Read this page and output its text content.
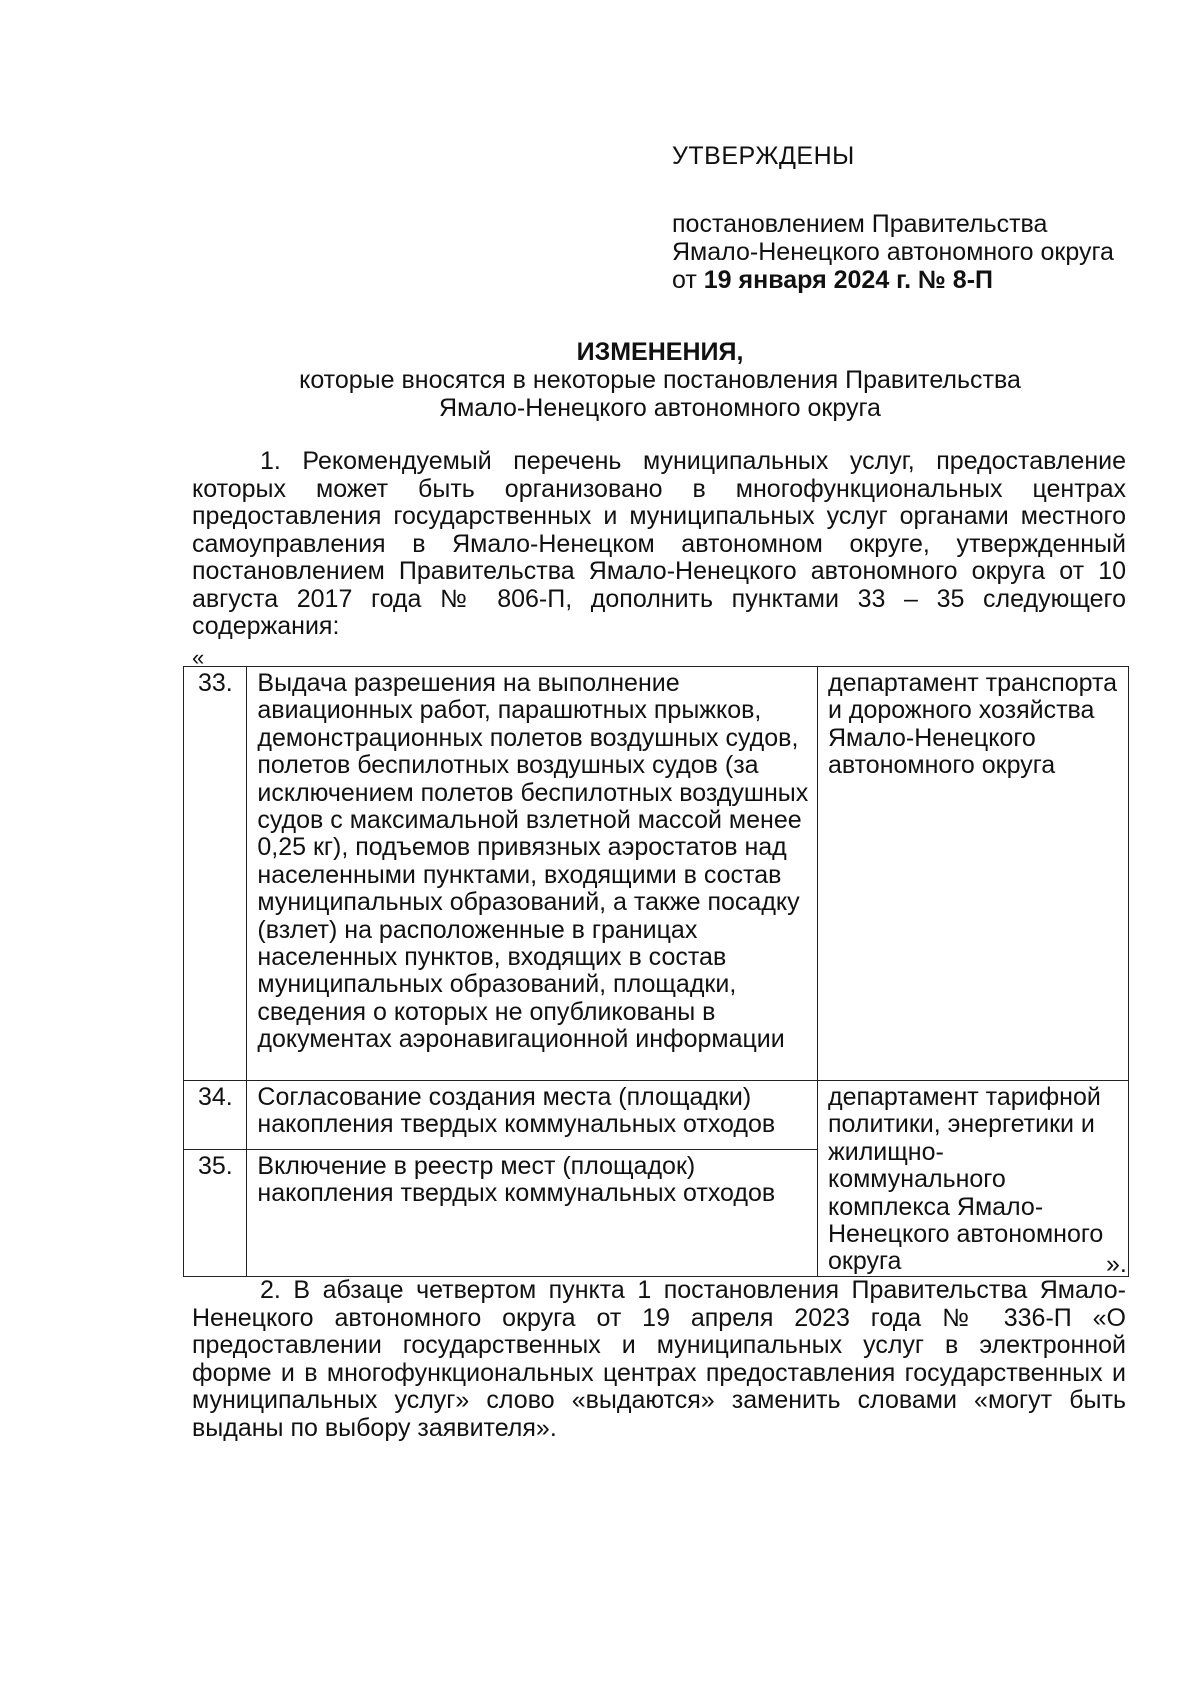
УТВЕРЖДЕНЫ
постановлением Правительства
Ямало-Ненецкого автономного округа
от 19 января 2024 г. № 8-П
ИЗМЕНЕНИЯ,
которые вносятся в некоторые постановления Правительства
Ямало-Ненецкого автономного округа
1. Рекомендуемый перечень муниципальных услуг, предоставление которых может быть организовано в многофункциональных центрах предоставления государственных и муниципальных услуг органами местного самоуправления в Ямало-Ненецком автономном округе, утвержденный постановлением Правительства Ямало-Ненецкого автономного округа от 10 августа 2017 года № 806-П, дополнить пунктами 33 – 35 следующего содержания:
«
33.	Выдача разрешения на выполнение авиационных работ, парашютных прыжков, демонстрационных полетов воздушных судов, полетов беспилотных воздушных судов (за исключением полетов беспилотных воздушных судов с максимальной взлетной массой менее 0,25 кг), подъемов привязных аэростатов над населенными пунктами, входящими в состав муниципальных образований, а также посадку (взлет) на расположенные в границах населенных пунктов, входящих в состав муниципальных образований, площадки, сведения о которых не опубликованы в документах аэронавигационной информации	департамент транспорта и дорожного хозяйства Ямало-Ненецкого автономного округа
34.	Согласование создания места (площадки) накопления твердых коммунальных отходов	департамент тарифной политики, энергетики и жилищно-коммунального комплекса Ямало-Ненецкого автономного округа
35.	Включение в реестр мест (площадок) накопления твердых коммунальных отходов	
».
2. В абзаце четвертом пункта 1 постановления Правительства Ямало-Ненецкого автономного округа от 19 апреля 2023 года № 336-П «О предоставлении государственных и муниципальных услуг в электронной форме и в многофункциональных центрах предоставления государственных и муниципальных услуг» слово «выдаются» заменить словами «могут быть выданы по выбору заявителя».
